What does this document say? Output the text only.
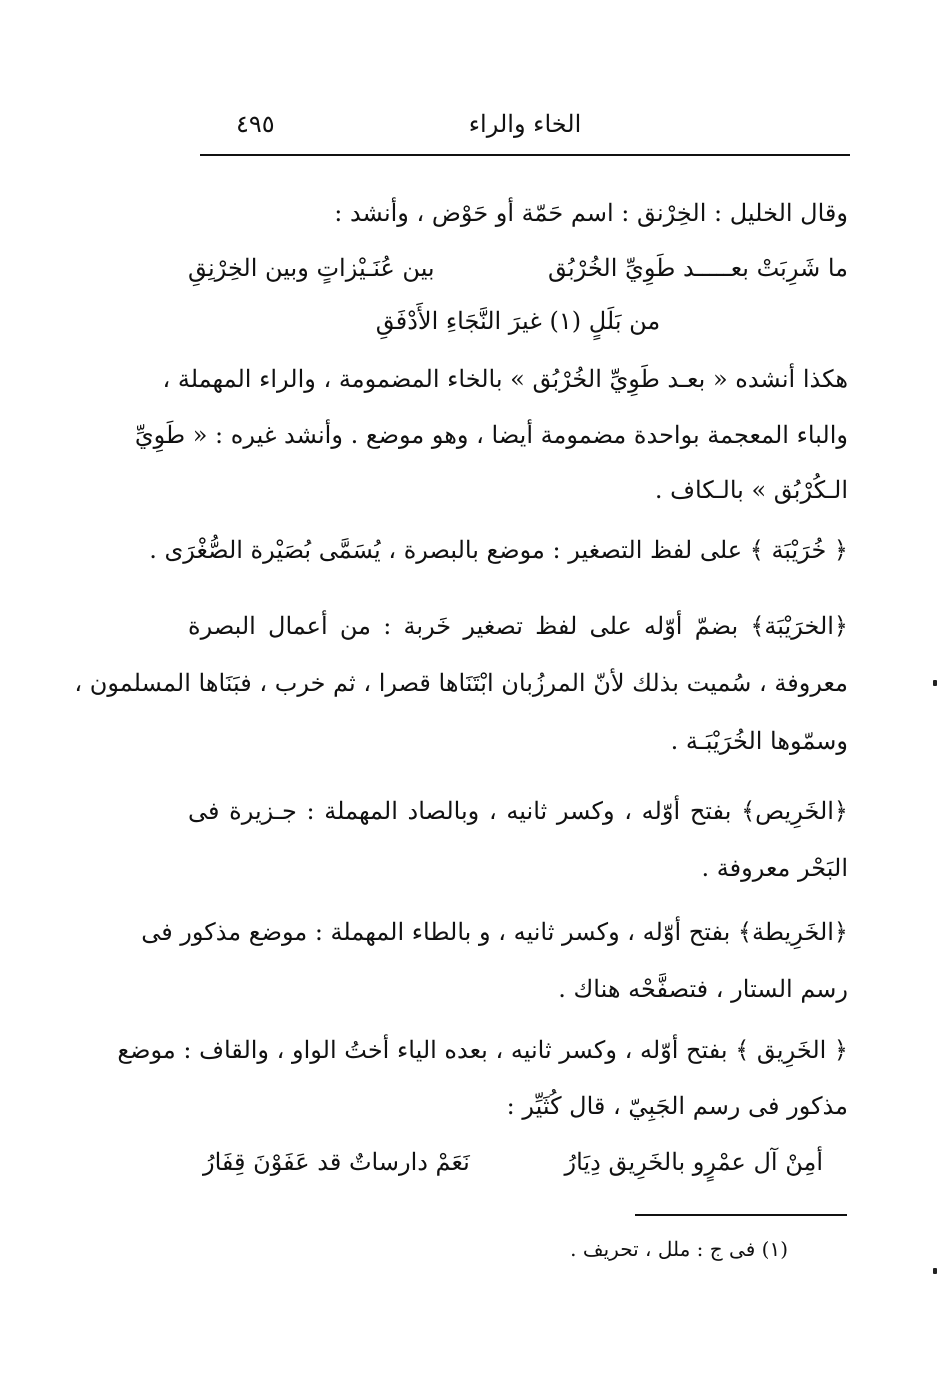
الخاء والراء
٤٩٥
وقال الخليل : الخِرْنق : اسم حَمّة أو حَوْض ، وأنشد :
ما شَرِبَتْ بعـــــد طَوِيِّ الخُرْبُق
بين عُنَـيْزاتٍ وبين الخِرْنِقِ
من بَلَلٍ (١) غيرَ النَّجَاءِ الأَدْفَقِ
هكذا أنشده « بعـد طَوِيِّ الخُرْبُق » بالخاء المضمومة ، والراء المهملة ،
والباء المعجمة بواحدة مضمومة أيضا ، وهو موضع . وأنشد غيره : « طَوِيِّ
الـكُرْبُق » بالـكاف .
﴿ خُرَيْبَة ﴾ على لفظ التصغير : موضع بالبصرة ، يُسَمَّى بُصَيْرة الصُّغْرَى .
﴿الخرَيْبَة﴾ بضمّ أوّله على لفظ تصغير خَربة : من أعمال البصرة
معروفة ، سُميت بذلك لأنّ المرزُبان ابْتَنَاها قصرا ، ثم خرب ، فبَنَاها المسلمون ،
وسمّوها الخُرَيْبَـة .
﴿الخَرِيص﴾ بفتح أوّله ، وكسر ثانيه ، وبالصاد المهملة : جـزيرة فى
البَحْر معروفة .
﴿الخَرِيطة﴾ بفتح أوّله ، وكسر ثانيه ، و بالطاء المهملة : موضع مذكور فى
رسم الستار ، فتصفَّحْه هناك .
﴿ الخَرِيق ﴾ بفتح أوّله ، وكسر ثانيه ، بعده الياء أختُ الواو ، والقاف : موضع
مذكور فى رسم الجَبِيّ ، قال كُثَيِّر :
أمِنْ آل عمْرٍو بالخَرِيق دِيَارُ
نَعَمْ دارساتٌ قد عَفَوْنَ قِفَارُ
(١) فى ج : ملل ، تحريف .
